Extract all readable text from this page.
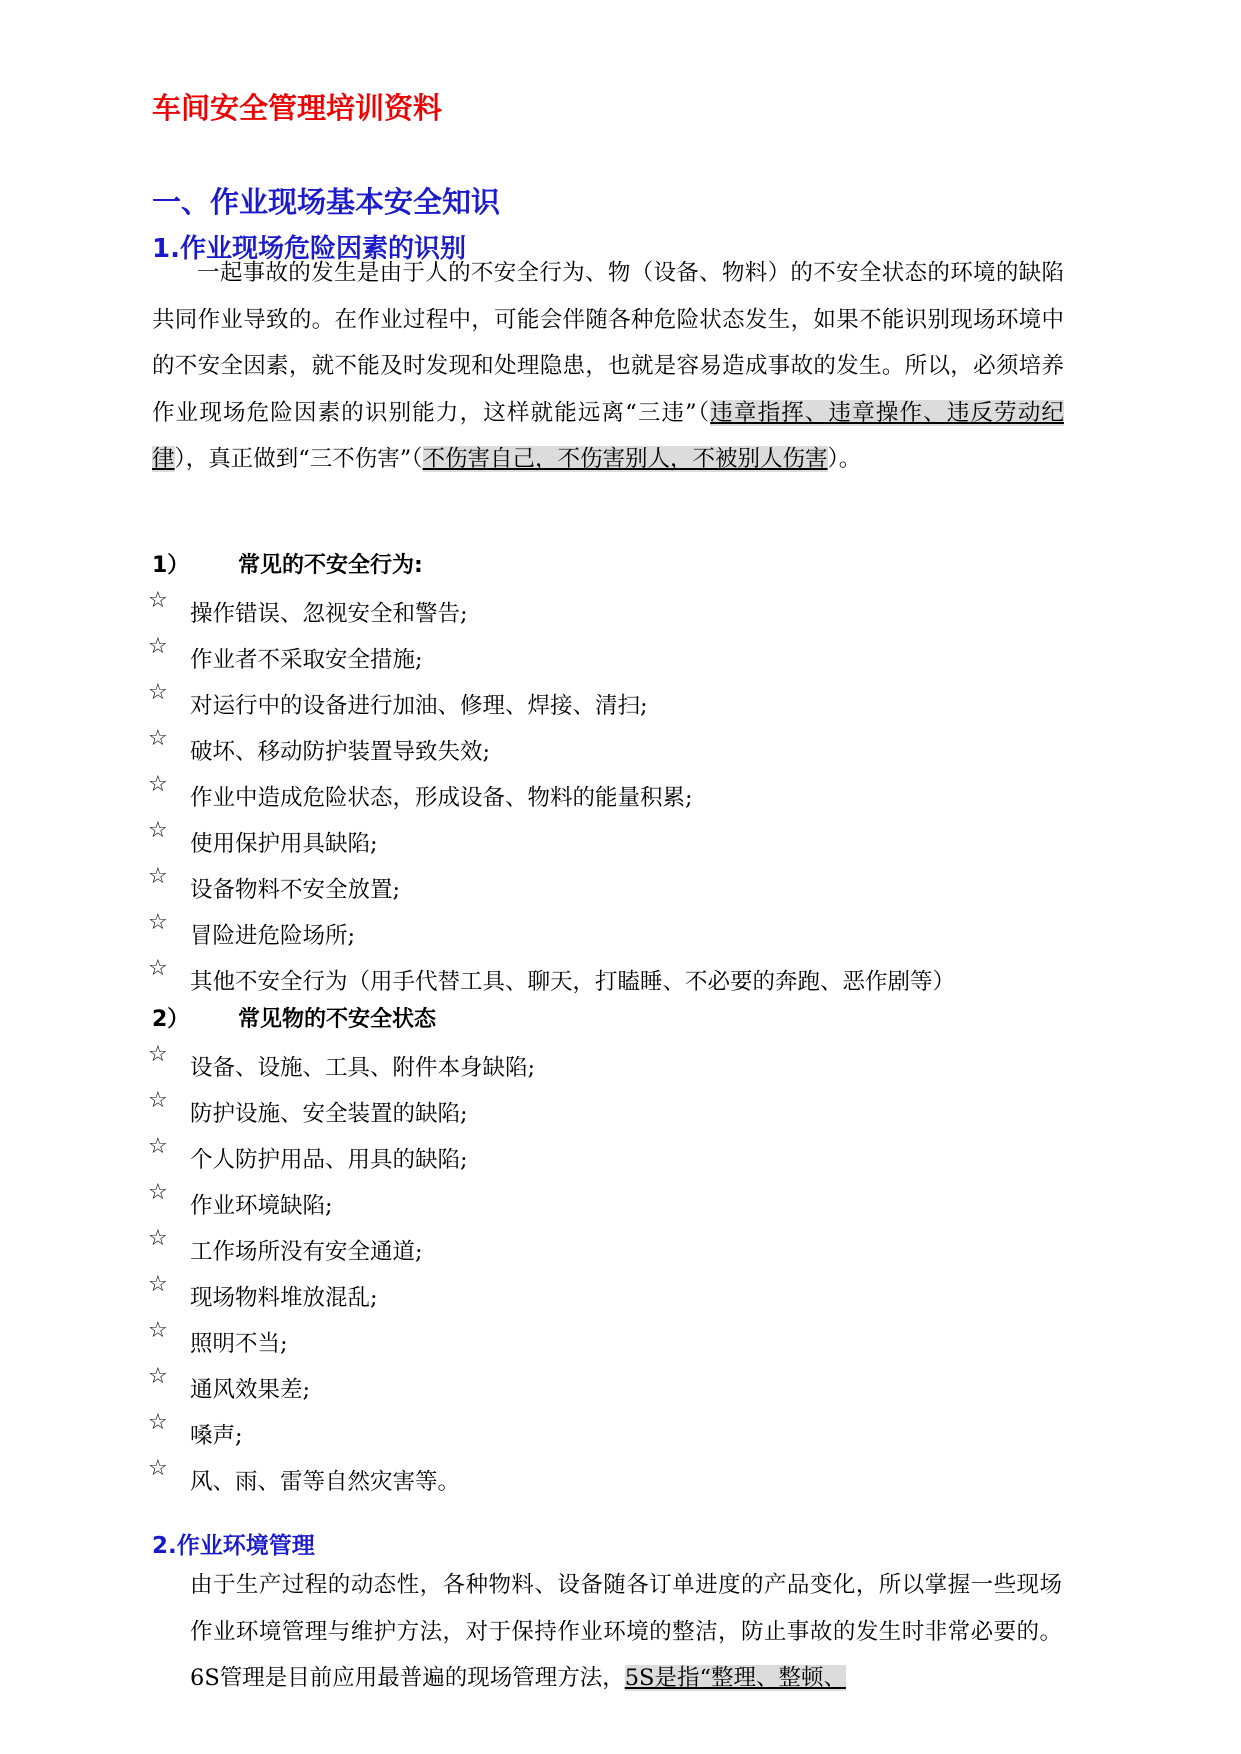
车间安全管理培训资料
一、作业现场基本安全知识
1.作业现场危险因素的识别

一起事故的发生是由于人的不安全行为、物（设备、物料）的不安全状态的环境的缺陷共同作业导致的。在作业过程中，可能会伴随各种危险状态发生，如果不能识别现场环境中的不安全因素，就不能及时发现和处理隐患，也就是容易造成事故的发生。所以，必须培养作业现场危险因素的识别能力，这样就能远离“三违”（违章指挥、违章操作、违反劳动纪律），真正做到“三不伤害”（不伤害自己，不伤害别人，不被别人伤害）。

1） 常见的不安全行为:
☆
操作错误、忽视安全和警告;
☆
作业者不采取安全措施;
☆
对运行中的设备进行加油、修理、焊接、清扫;
☆
破坏、移动防护装置导致失效;
☆
作业中造成危险状态，形成设备、物料的能量积累;
☆
使用保护用具缺陷;
☆
设备物料不安全放置;
☆
冒险进危险场所;
☆
其他不安全行为（用手代替工具、聊天，打瞌睡、不必要的奔跑、恶作剧等）
2） 常见物的不安全状态
☆
设备、设施、工具、附件本身缺陷;
☆
防护设施、安全装置的缺陷;
☆
个人防护用品、用具的缺陷;
☆
作业环境缺陷;
☆
工作场所没有安全通道;
☆
现场物料堆放混乱;
☆
照明不当;
☆
通风效果差;
☆
嗓声;
☆
风、雨、雷等自然灾害等。
2.作业环境管理

由于生产过程的动态性，各种物料、设备随各订单进度的产品变化，所以掌握一些现场作业环境管理与维护方法，对于保持作业环境的整洁，防止事故的发生时非常必要的。6S管理是目前应用最普遍的现场管理方法，5S是指“整理、整顿、
